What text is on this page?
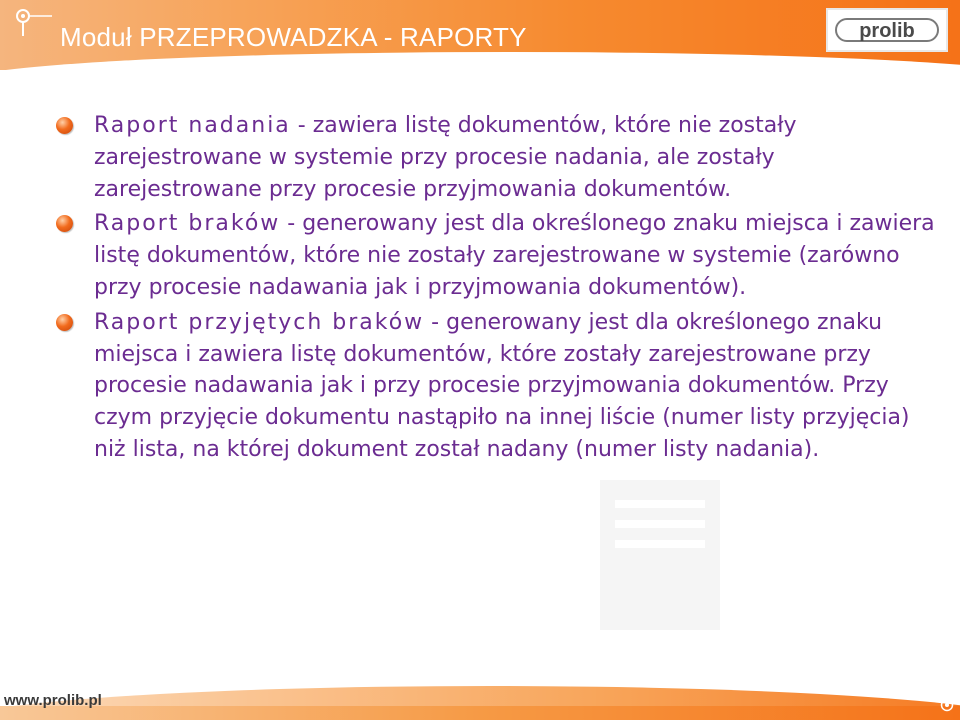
Moduł PRZEPROWADZKA - RAPORTY	prolib
Raport nadania - zawiera listę dokumentów, które nie zostały zarejestrowane w systemie przy procesie nadania, ale zostały zarejestrowane przy procesie przyjmowania dokumentów.
Raport braków - generowany jest dla określonego znaku miejsca i zawiera listę dokumentów, które nie zostały zarejestrowane w systemie (zarówno przy procesie nadawania jak i przyjmowania dokumentów).
Raport przyjętych braków - generowany jest dla określonego znaku miejsca i zawiera listę dokumentów, które zostały zarejestrowane przy procesie nadawania jak i przy procesie przyjmowania dokumentów. Przy czym przyjęcie dokumentu nastąpiło na innej liście (numer listy przyjęcia) niż lista, na której dokument został nadany (numer listy nadania).
www.prolib.pl
